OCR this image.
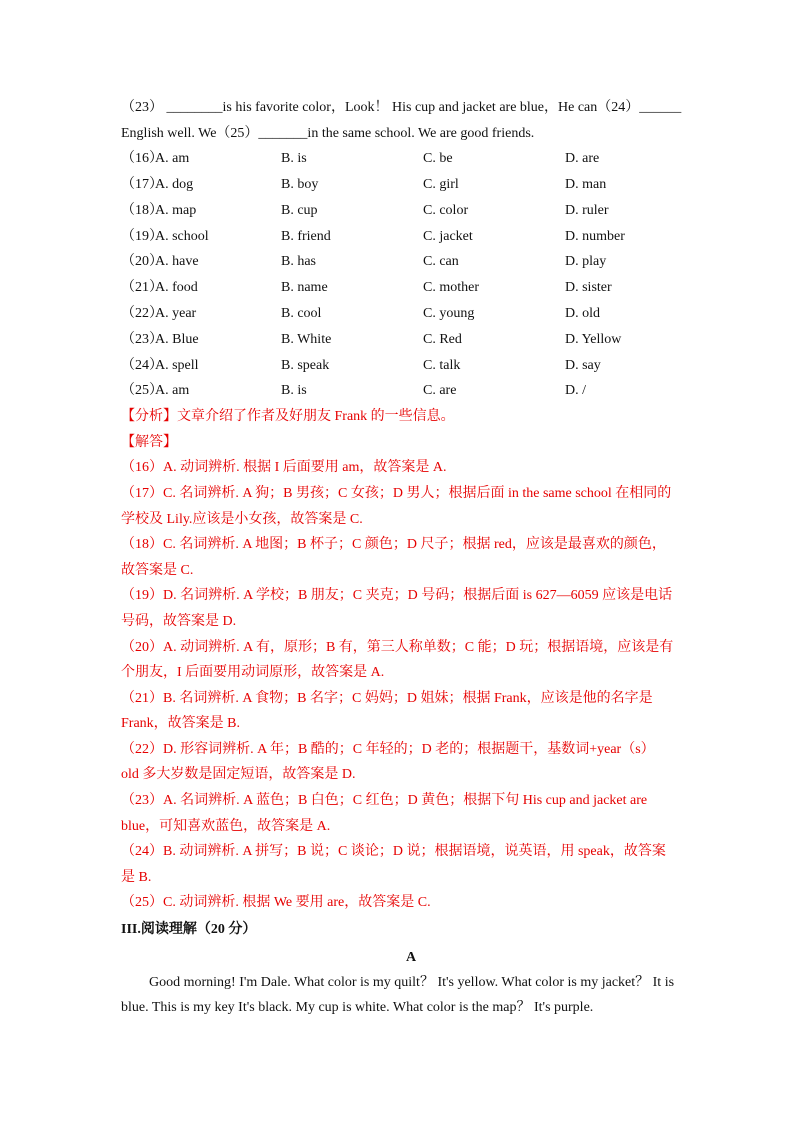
（23） ________is his favorite color，Look！ His cup and jacket are blue，He can（24）______
English well. We（25）_______in the same school. We are good friends.
（16）
A. am	B. is	C. be	D. are
（17）
A. dog	B. boy	C. girl	D. man
（18）
A. map	B. cup	C. color	D. ruler
（19）
A. school	B. friend	C. jacket	D. number
（20）
A. have	B. has	C. can	D. play
（21）
A. food	B. name	C. mother	D. sister
（22）
A. year	B. cool	C. young	D. old
（23）
A. Blue	B. White	C. Red	D. Yellow
（24）
A. spell	B. speak	C. talk	D. say
（25）
A. am	B. is	C. are	D. /
【分析】文章介绍了作者及好朋友 Frank 的一些信息。
【解答】
（16）A. 动词辨析. 根据 I 后面要用 am，故答案是 A.
（17）C. 名词辨析. A 狗；B 男孩；C 女孩；D 男人；根据后面 in the same school 在相同的
学校及 Lily.应该是小女孩，故答案是 C.
（18）C. 名词辨析. A 地图；B 杯子；C 颜色；D 尺子；根据 red，应该是最喜欢的颜色，
故答案是 C.
（19）D. 名词辨析. A 学校；B 朋友；C 夹克；D 号码；根据后面 is 627—6059 应该是电话
号码，故答案是 D.
（20）A. 动词辨析. A 有，原形；B 有，第三人称单数；C 能；D 玩；根据语境，应该是有
个朋友，I 后面要用动词原形，故答案是 A.
（21）B. 名词辨析. A 食物；B 名字；C 妈妈；D 姐妹；根据 Frank，应该是他的名字是
Frank，故答案是 B.
（22）D. 形容词辨析. A 年；B 酷的；C 年轻的；D 老的；根据题干，基数词+year（s）
old 多大岁数是固定短语，故答案是 D.
（23）A. 名词辨析. A 蓝色；B 白色；C 红色；D 黄色；根据下句 His cup and jacket are
blue，可知喜欢蓝色，故答案是 A.
（24）B. 动词辨析. A 拼写；B 说；C 谈论；D 说；根据语境，说英语，用 speak，故答案
是 B.
（25）C. 动词辨析. 根据 We 要用 are，故答案是 C.
III.阅读理解（20 分）
A
Good morning! I'm Dale. What color is my quilt？ It's yellow. What color is my jacket？ It is blue. This is my key It's black. My cup is white. What color is the map？ It's purple.
